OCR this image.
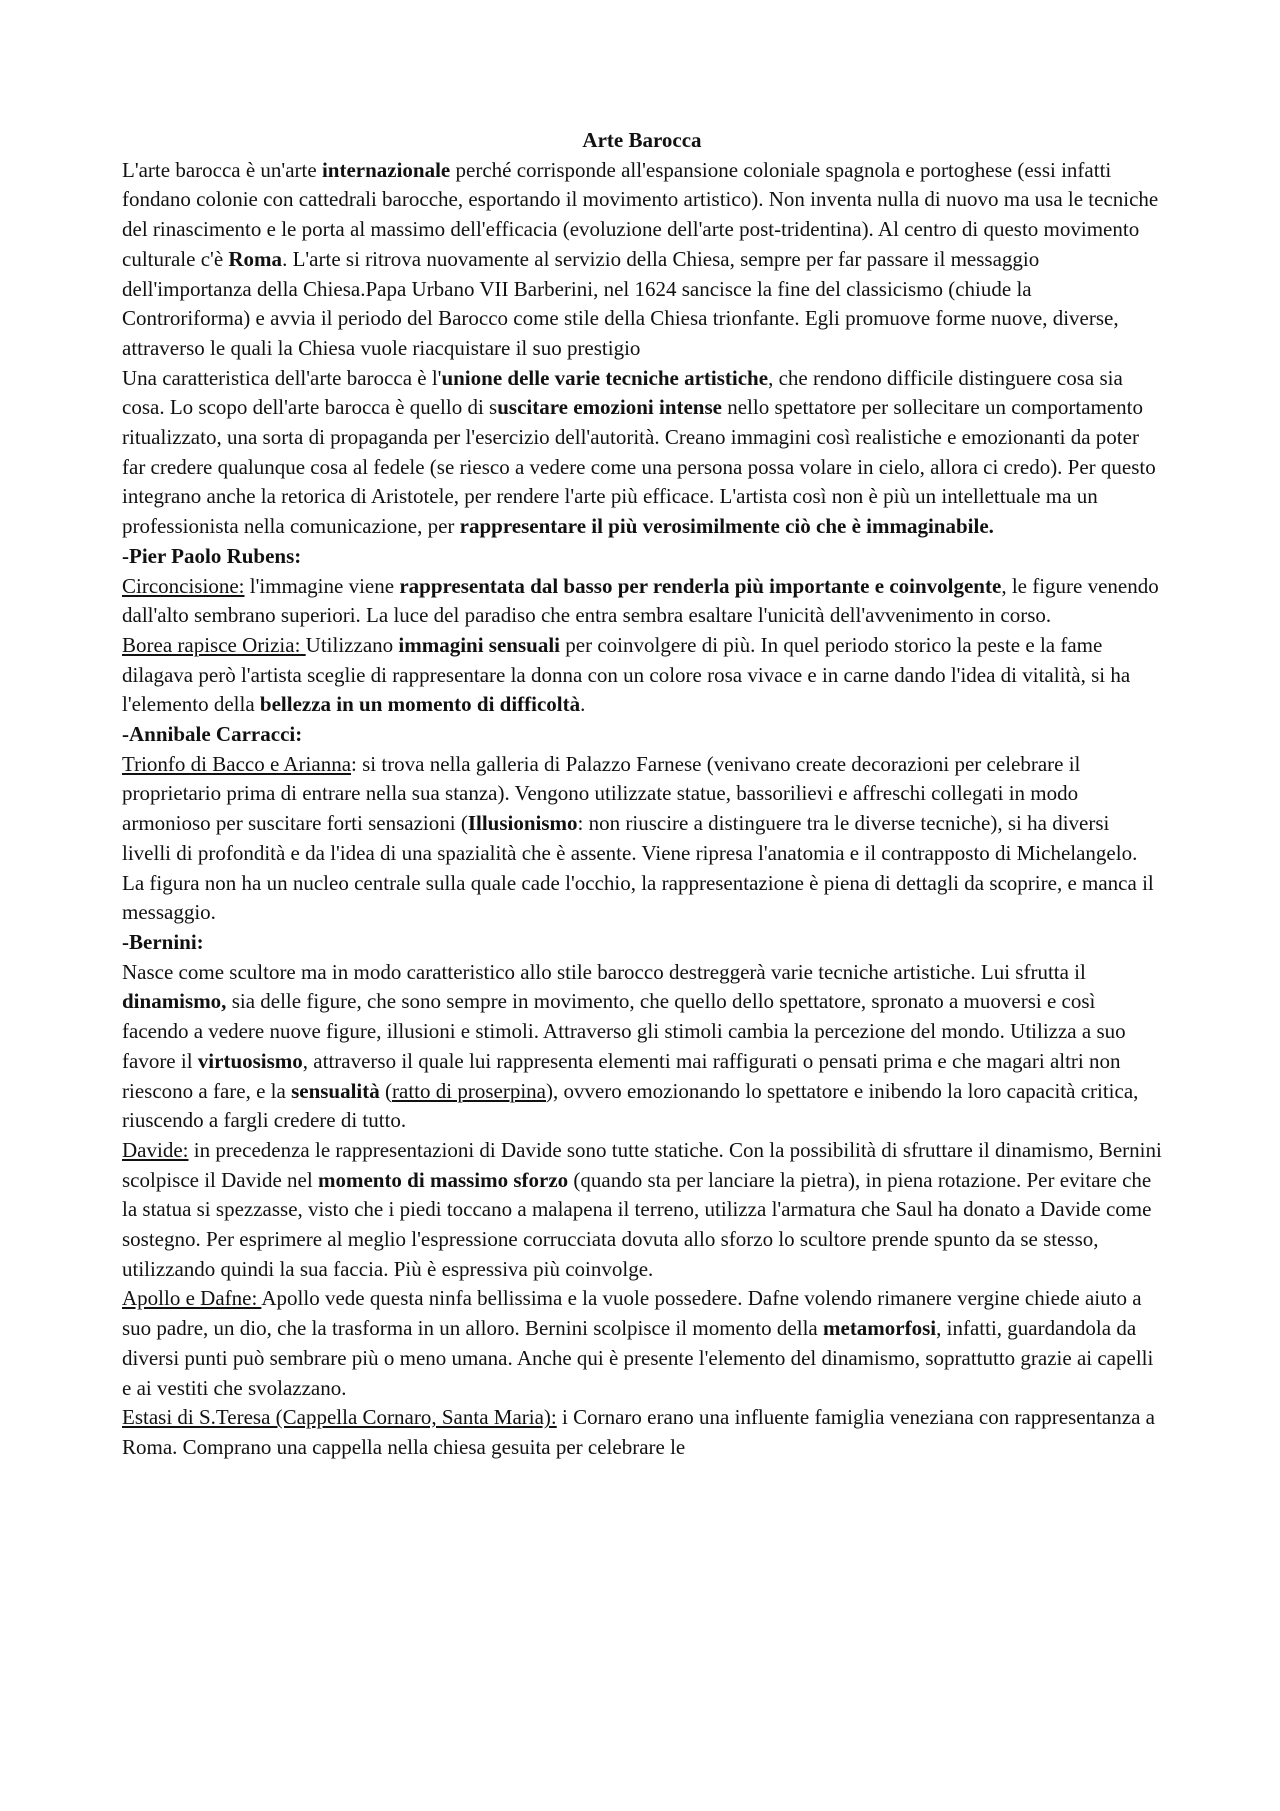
Arte Barocca

L'arte barocca è un'arte internazionale perché corrisponde all'espansione coloniale spagnola e portoghese (essi infatti fondano colonie con cattedrali barocche, esportando il movimento artistico). Non inventa nulla di nuovo ma usa le tecniche del rinascimento e le porta al massimo dell'efficacia (evoluzione dell'arte post-tridentina). Al centro di questo movimento culturale c'è Roma. L'arte si ritrova nuovamente al servizio della Chiesa, sempre per far passare il messaggio dell'importanza della Chiesa.Papa Urbano VII Barberini, nel 1624 sancisce la fine del classicismo (chiude la Controriforma) e avvia il periodo del Barocco come stile della Chiesa trionfante. Egli promuove forme nuove, diverse, attraverso le quali la Chiesa vuole riacquistare il suo prestigio

Una caratteristica dell'arte barocca è l'unione delle varie tecniche artistiche, che rendono difficile distinguere cosa sia cosa. Lo scopo dell'arte barocca è quello di suscitare emozioni intense nello spettatore per sollecitare un comportamento ritualizzato, una sorta di propaganda per l'esercizio dell'autorità. Creano immagini così realistiche e emozionanti da poter far credere qualunque cosa al fedele (se riesco a vedere come una persona possa volare in cielo, allora ci credo). Per questo integrano anche la retorica di Aristotele, per rendere l'arte più efficace. L'artista così non è più un intellettuale ma un professionista nella comunicazione, per rappresentare il più verosimilmente ciò che è immaginabile.

-Pier Paolo Rubens:

Circoncisione: l'immagine viene rappresentata dal basso per renderla più importante e coinvolgente, le figure venendo dall'alto sembrano superiori. La luce del paradiso che entra sembra esaltare l'unicità dell'avvenimento in corso.

Borea rapisce Orizia: Utilizzano immagini sensuali per coinvolgere di più. In quel periodo storico la peste e la fame dilagava però l'artista sceglie di rappresentare la donna con un colore rosa vivace e in carne dando l'idea di vitalità, si ha l'elemento della bellezza in un momento di difficoltà.

-Annibale Carracci:

Trionfo di Bacco e Arianna: si trova nella galleria di Palazzo Farnese (venivano create decorazioni per celebrare il proprietario prima di entrare nella sua stanza). Vengono utilizzate statue, bassorilievi e affreschi collegati in modo armonioso per suscitare forti sensazioni (Illusionismo: non riuscire a distinguere tra le diverse tecniche), si ha diversi livelli di profondità e da l'idea di una spazialità che è assente. Viene ripresa l'anatomia e il contrapposto di Michelangelo. La figura non ha un nucleo centrale sulla quale cade l'occhio, la rappresentazione è piena di dettagli da scoprire, e manca il messaggio.

-Bernini:

Nasce come scultore ma in modo caratteristico allo stile barocco destreggerà varie tecniche artistiche. Lui sfrutta il dinamismo, sia delle figure, che sono sempre in movimento, che quello dello spettatore, spronato a muoversi e così facendo a vedere nuove figure, illusioni e stimoli. Attraverso gli stimoli cambia la percezione del mondo. Utilizza a suo favore il virtuosismo, attraverso il quale lui rappresenta elementi mai raffigurati o pensati prima e che magari altri non riescono a fare, e la sensualità (ratto di proserpina), ovvero emozionando lo spettatore e inibendo la loro capacità critica, riuscendo a fargli credere di tutto.

Davide: in precedenza le rappresentazioni di Davide sono tutte statiche. Con la possibilità di sfruttare il dinamismo, Bernini scolpisce il Davide nel momento di massimo sforzo (quando sta per lanciare la pietra), in piena rotazione. Per evitare che la statua si spezzasse, visto che i piedi toccano a malapena il terreno, utilizza l'armatura che Saul ha donato a Davide come sostegno. Per esprimere al meglio l'espressione corrucciata dovuta allo sforzo lo scultore prende spunto da se stesso, utilizzando quindi la sua faccia. Più è espressiva più coinvolge.

Apollo e Dafne: Apollo vede questa ninfa bellissima e la vuole possedere. Dafne volendo rimanere vergine chiede aiuto a suo padre, un dio, che la trasforma in un alloro. Bernini scolpisce il momento della metamorfosi, infatti, guardandola da diversi punti può sembrare più o meno umana. Anche qui è presente l'elemento del dinamismo, soprattutto grazie ai capelli e ai vestiti che svolazzano.

Estasi di S.Teresa (Cappella Cornaro, Santa Maria): i Cornaro erano una influente famiglia veneziana con rappresentanza a Roma. Comprano una cappella nella chiesa gesuita per celebrare le
